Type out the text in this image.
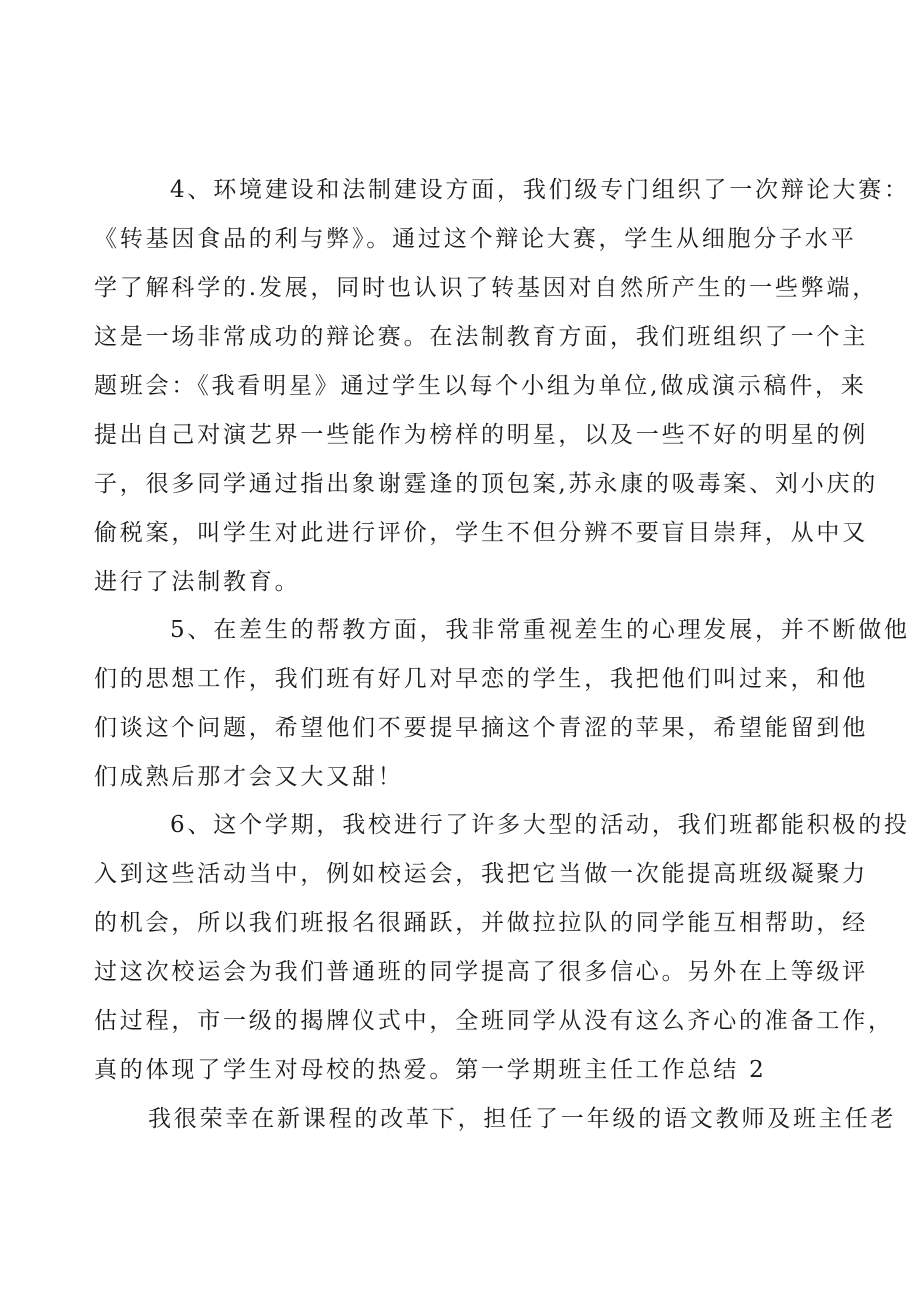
4、环境建设和法制建设方面，我们级专门组织了一次辩论大赛：
《转基因食品的利与弊》。通过这个辩论大赛，学生从细胞分子水平
学了解科学的.发展，同时也认识了转基因对自然所产生的一些弊端，
这是一场非常成功的辩论赛。在法制教育方面，我们班组织了一个主
题班会：《我看明星》通过学生以每个小组为单位,做成演示稿件，来
提出自己对演艺界一些能作为榜样的明星，以及一些不好的明星的例
子，很多同学通过指出象谢霆逢的顶包案,苏永康的吸毒案、刘小庆的
偷税案，叫学生对此进行评价，学生不但分辨不要盲目崇拜，从中又
进行了法制教育。
5、在差生的帮教方面，我非常重视差生的心理发展，并不断做他
们的思想工作，我们班有好几对早恋的学生，我把他们叫过来，和他
们谈这个问题，希望他们不要提早摘这个青涩的苹果，希望能留到他
们成熟后那才会又大又甜！
6、这个学期，我校进行了许多大型的活动，我们班都能积极的投
入到这些活动当中，例如校运会，我把它当做一次能提高班级凝聚力
的机会，所以我们班报名很踊跃，并做拉拉队的同学能互相帮助，经
过这次校运会为我们普通班的同学提高了很多信心。另外在上等级评
估过程，市一级的揭牌仪式中，全班同学从没有这么齐心的准备工作，
真的体现了学生对母校的热爱。第一学期班主任工作总结 2
我很荣幸在新课程的改革下，担任了一年级的语文教师及班主任老
